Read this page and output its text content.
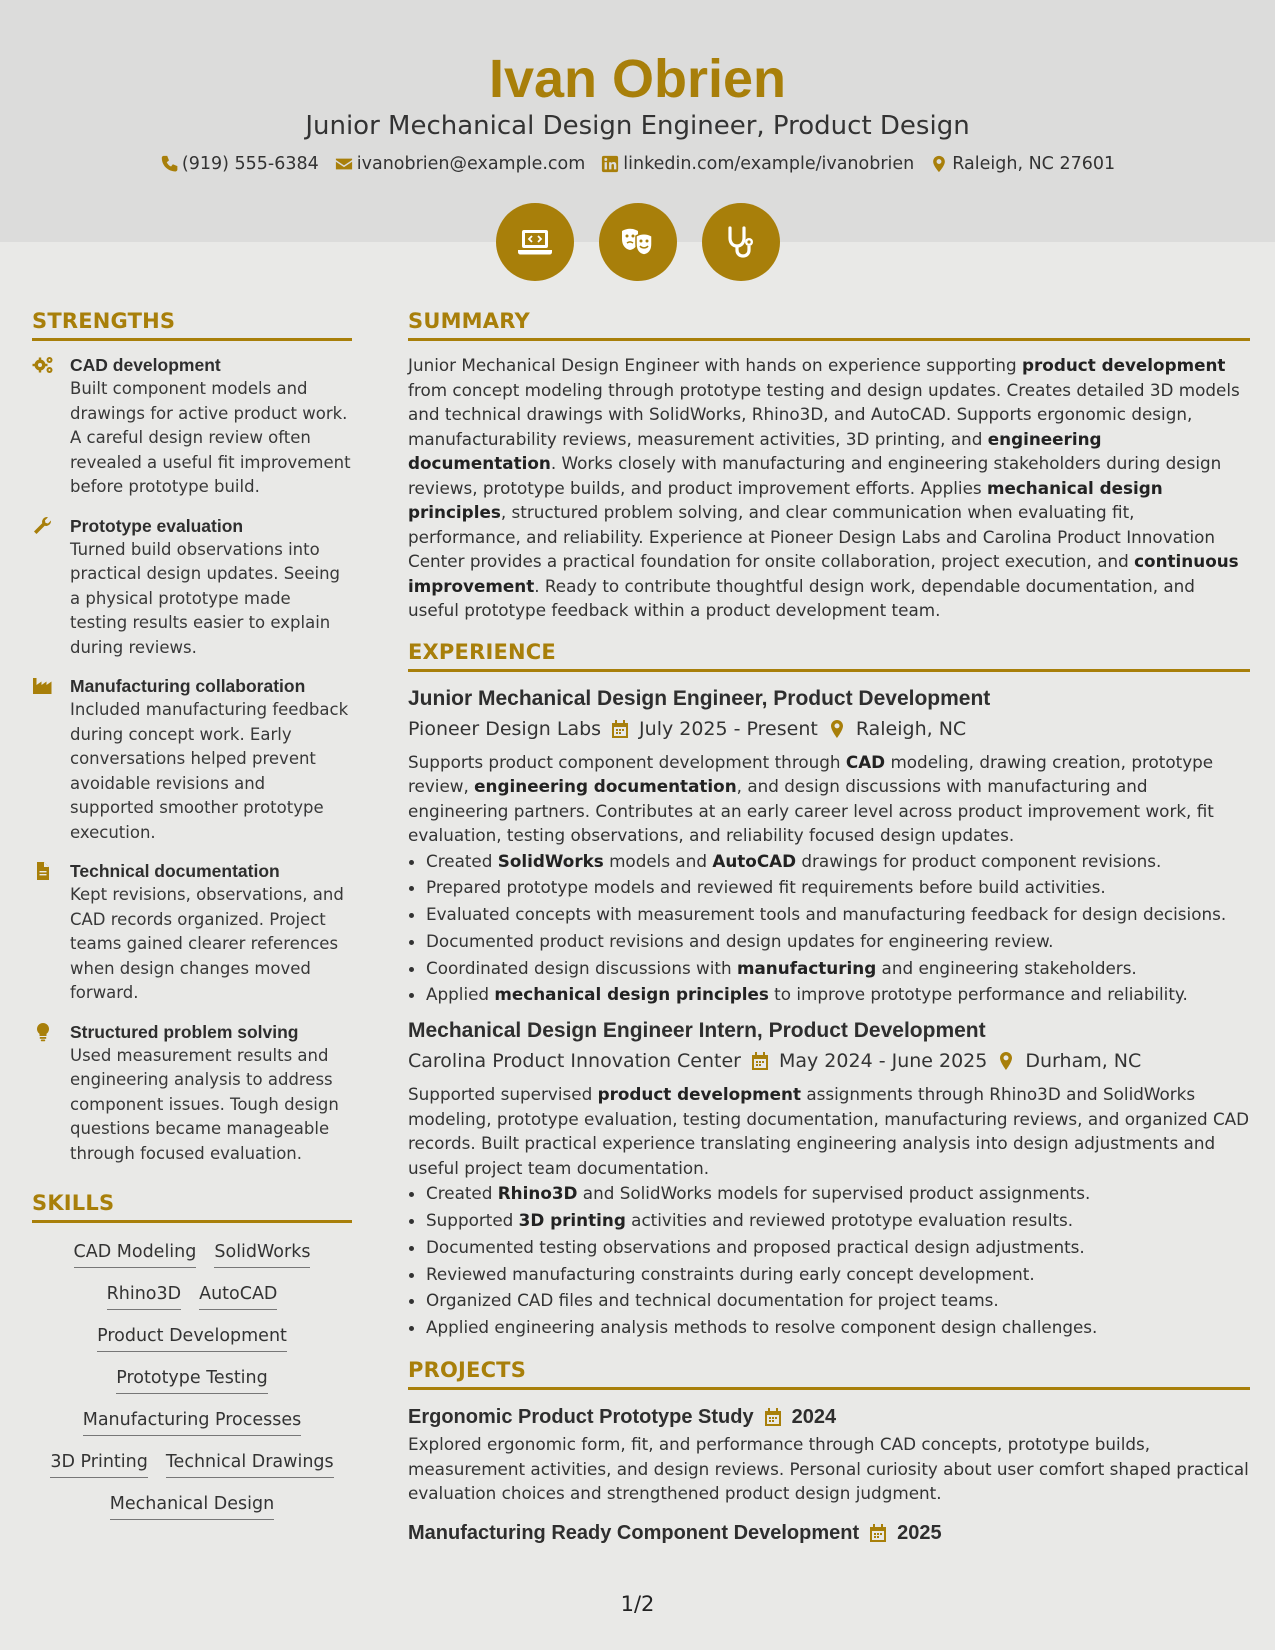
Ivan Obrien
Junior Mechanical Design Engineer, Product Design
(919) 555-6384 ivanobrien@example.com linkedin.com/example/ivanobrien Raleigh, NC 27601
STRENGTHS
CAD development

Built component models and drawings for active product work. A careful design review often revealed a useful fit improvement before prototype build.

Prototype evaluation

Turned build observations into practical design updates. Seeing a physical prototype made testing results easier to explain during reviews.

Manufacturing collaboration

Included manufacturing feedback during concept work. Early conversations helped prevent avoidable revisions and supported smoother prototype execution.

Technical documentation

Kept revisions, observations, and CAD records organized. Project teams gained clearer references when design changes moved forward.

Structured problem solving

Used measurement results and engineering analysis to address component issues. Tough design questions became manageable through focused evaluation.

SKILLS
CAD Modeling SolidWorks
Rhino3D AutoCAD
Product Development
Prototype Testing
Manufacturing Processes
3D Printing Technical Drawings
Mechanical Design
SUMMARY

Junior Mechanical Design Engineer with hands on experience supporting product development from concept modeling through prototype testing and design updates. Creates detailed 3D models and technical drawings with SolidWorks, Rhino3D, and AutoCAD. Supports ergonomic design, manufacturability reviews, measurement activities, 3D printing, and engineering documentation. Works closely with manufacturing and engineering stakeholders during design reviews, prototype builds, and product improvement efforts. Applies mechanical design principles, structured problem solving, and clear communication when evaluating fit, performance, and reliability. Experience at Pioneer Design Labs and Carolina Product Innovation Center provides a practical foundation for onsite collaboration, project execution, and continuous improvement. Ready to contribute thoughtful design work, dependable documentation, and useful prototype feedback within a product development team.

EXPERIENCE
Junior Mechanical Design Engineer, Product Development
Pioneer Design Labs July 2025 - Present Raleigh, NC

Supports product component development through CAD modeling, drawing creation, prototype review, engineering documentation, and design discussions with manufacturing and engineering partners. Contributes at an early career level across product improvement work, fit evaluation, testing observations, and reliability focused design updates.

• Created SolidWorks models and AutoCAD drawings for product component revisions.
• Prepared prototype models and reviewed fit requirements before build activities.
• Evaluated concepts with measurement tools and manufacturing feedback for design decisions.
• Documented product revisions and design updates for engineering review.
• Coordinated design discussions with manufacturing and engineering stakeholders.
• Applied mechanical design principles to improve prototype performance and reliability.
Mechanical Design Engineer Intern, Product Development
Carolina Product Innovation Center May 2024 - June 2025 Durham, NC

Supported supervised product development assignments through Rhino3D and SolidWorks modeling, prototype evaluation, testing documentation, manufacturing reviews, and organized CAD records. Built practical experience translating engineering analysis into design adjustments and useful project team documentation.

• Created Rhino3D and SolidWorks models for supervised product assignments.
• Supported 3D printing activities and reviewed prototype evaluation results.
• Documented testing observations and proposed practical design adjustments.
• Reviewed manufacturing constraints during early concept development.
• Organized CAD files and technical documentation for project teams.
• Applied engineering analysis methods to resolve component design challenges.
PROJECTS
Ergonomic Product Prototype Study 2024

Explored ergonomic form, fit, and performance through CAD concepts, prototype builds, measurement activities, and design reviews. Personal curiosity about user comfort shaped practical evaluation choices and strengthened product design judgment.

Manufacturing Ready Component Development 2025
1/2
